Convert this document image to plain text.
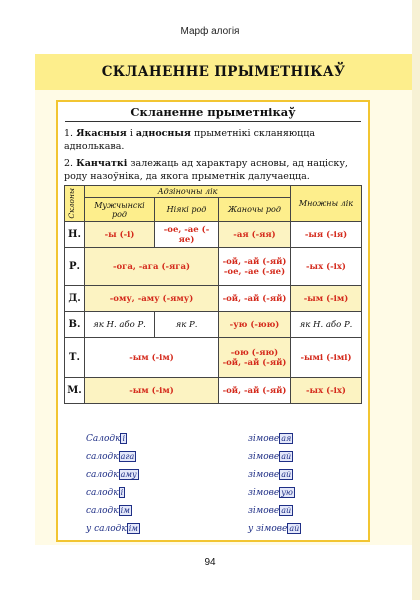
Марф алогія
СКЛАНЕННЕ ПРЫМЕТНІКАЎ
Скланенне прыметнікаў
1. Якасныя і адносныя прыметнікі скланяюцца аднолькава.
2. Канчаткі залежаць ад характару асновы, ад націску, роду назоўніка, да якога прыметнік далучаецца.
Склоны	Адзіночны лік			Множны лік
	Мужчынскі род	Ніякі род	Жаночы род	
Н.	-ы (-і)	-ое, -ае (-яе)	-ая (-яя)	-ыя (-ія)
Р.	-ога, -ага (-яга)		-ой, -ай (-яй) -ое, -ае (-яе)	-ых (-іх)
Д.	-ому, -аму (-яму)		-ой, -ай (-яй)	-ым (-ім)
В.	як Н. або Р.	як Р.	-ую (-юю)	як Н. або Р.
Т.	-ым (-ім)		-ою (-яю) -ой, -ай (-яй)	-ымі (-імі)
М.	-ым (-ім)		-ой, -ай (-яй)	-ых (-іх)
Салодк і
салодк ага
салодк аму
салодк і
салодк ім
у салодк ім
зімове ая
зімове ай
зімове ай
зімове ую
зімове ай
у зімове ай
94
